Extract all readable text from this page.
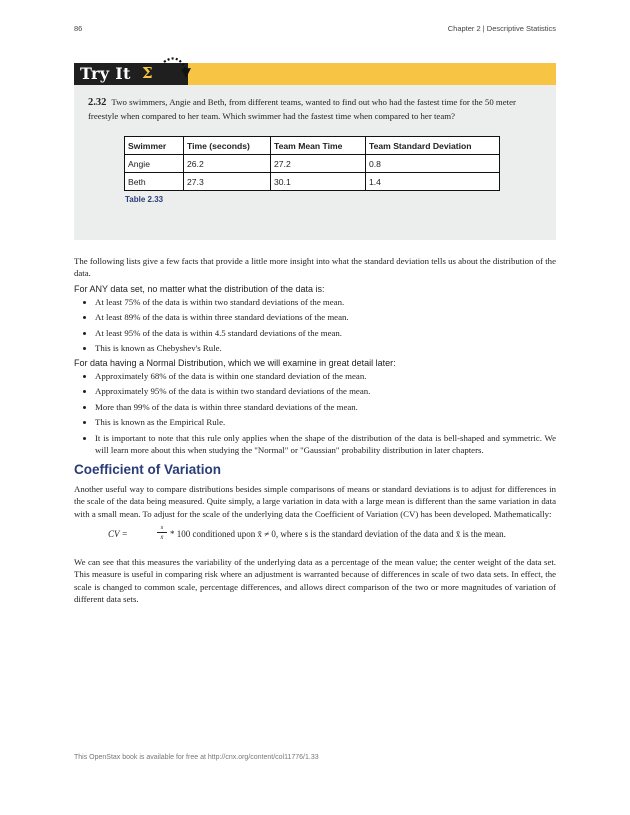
86	Chapter 2 | Descriptive Statistics
Try It Σ
2.32 Two swimmers, Angie and Beth, from different teams, wanted to find out who had the fastest time for the 50 meter freestyle when compared to her team. Which swimmer had the fastest time when compared to her team?
Swimmer	Time (seconds)	Team Mean Time	Team Standard Deviation
Angie	26.2	27.2	0.8
Beth	27.3	30.1	1.4
Table 2.33

The following lists give a few facts that provide a little more insight into what the standard deviation tells us about the distribution of the data.

For ANY data set, no matter what the distribution of the data is:

• At least 75% of the data is within two standard deviations of the mean.
• At least 89% of the data is within three standard deviations of the mean.
• At least 95% of the data is within 4.5 standard deviations of the mean.
• This is known as Chebyshev's Rule.

For data having a Normal Distribution, which we will examine in great detail later:

• Approximately 68% of the data is within one standard deviation of the mean.
• Approximately 95% of the data is within two standard deviations of the mean.
• More than 99% of the data is within three standard deviations of the mean.
• This is known as the Empirical Rule.
• It is important to note that this rule only applies when the shape of the distribution of the data is bell-shaped and symmetric. We will learn more about this when studying the "Normal" or "Gaussian" probability distribution in later chapters.
Coefficient of Variation

Another useful way to compare distributions besides simple comparisons of means or standard deviations is to adjust for differences in the scale of the data being measured. Quite simply, a large variation in data with a large mean is different than the same variation in data with a small mean. To adjust for the scale of the underlying data the Coefficient of Variation (CV) has been developed. Mathematically:

CV =	$\frac{s}{x̄} * 100$ conditioned upon x̄ ≠ 0, where s is the standard deviation of the data and x̄ is the mean.

We can see that this measures the variability of the underlying data as a percentage of the mean value; the center weight of the data set. This measure is useful in comparing risk where an adjustment is warranted because of differences in scale of two data sets. In effect, the scale is changed to common scale, percentage differences, and allows direct comparison of the two or more magnitudes of variation of different data sets.

This OpenStax book is available for free at http://cnx.org/content/col11776/1.33
